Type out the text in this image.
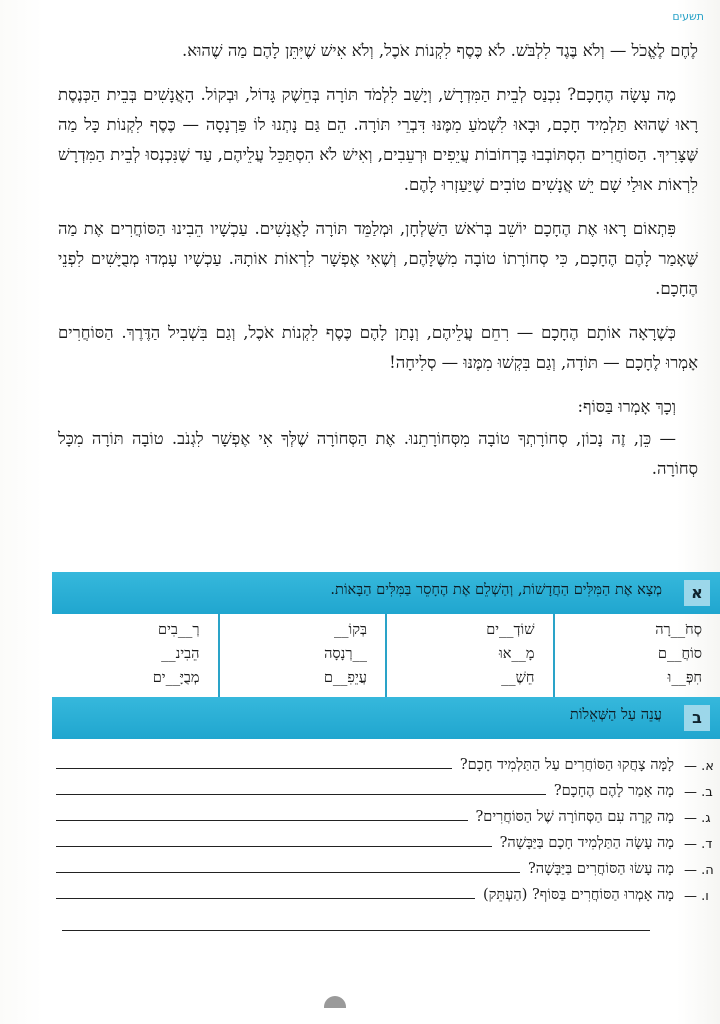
תשעים

לֶחֶם לֶאֱכֹל — וְלֹא בֶּגֶד לִלְבֹּשׁ. לֹא כֶּסֶף לִקְנוֹת אֹכֶל, וְלֹא אִישׁ שֶׁיִּתֵּן לָהֶם מַה שֶׁהוּא.

מֶה עָשָׂה הֶחָכָם? נִכְנַס לְבֵית הַמִּדְרָשׁ, וְיָשַׁב לִלְמֹד תּוֹרָה בְּחֵשֶׁק גָּדוֹל, וּבְקוֹל. הָאֲנָשִׁים בְּבֵית הַכְּנֶסֶת רָאוּ שֶׁהוּא תַּלְמִיד חָכָם, וּבָאוּ לִשְׁמֹעַ מִמֶּנּוּ דִּבְרֵי תּוֹרָה. הֵם גַּם נָתְנוּ לוֹ פַּרְנָסָה — כֶּסֶף לִקְנוֹת כָּל מַה שֶּׁצָּרִיךְ. הַסּוֹחֲרִים הִסְתּוֹבְבוּ בָּרְחוֹבוֹת עֲיֵפִים וּרְעֵבִים, וְאִישׁ לֹא הִסְתַּכֵּל עֲלֵיהֶם, עַד שֶׁנִּכְנְסוּ לְבֵית הַמִּדְרָשׁ לִרְאוֹת אוּלַי שָׁם יֵשׁ אֲנָשִׁים טוֹבִים שֶׁיַּעַזְרוּ לָהֶם.

פִּתְאוֹם רָאוּ אֶת הֶחָכָם יוֹשֵׁב בְּרֹאשׁ הַשֻּׁלְחָן, וּמְלַמֵּד תּוֹרָה לָאֲנָשִׁים. עַכְשָׁיו הֵבִינוּ הַסּוֹחֲרִים אֶת מַה שֶּׁאָמַר לָהֶם הֶחָכָם, כִּי סְחוֹרָתוֹ טוֹבָה מִשֶּׁלָּהֶם, וְשֶׁאִי אֶפְשָׁר לִרְאוֹת אוֹתָהּ. עַכְשָׁיו עָמְדוּ מְבֻיָּשִׁים לִפְנֵי הֶחָכָם.

כְּשֶׁרָאָה אוֹתָם הֶחָכָם — רִחֵם עֲלֵיהֶם, וְנָתַן לָהֶם כֶּסֶף לִקְנוֹת אֹכֶל, וְגַם בִּשְׁבִיל הַדֶּרֶךְ. הַסּוֹחֲרִים אָמְרוּ לֶחָכָם — תּוֹדָה, וְגַם בִּקְשׁוּ מִמֶּנּוּ — סְלִיחָה!

וְכָךְ אָמְרוּ בַּסּוֹף:

— כֵּן, זֶה נָכוֹן, סְחוֹרָתְךָ טוֹבָה מִסְּחוֹרָתֵנוּ. אֶת הַסְּחוֹרָה שֶׁלְּךָ אִי אֶפְשָׁר לִגְנֹב. טוֹבָה תּוֹרָה מִכָּל סְחוֹרָה.

א
מְצָא אֶת הַמִּלִּים הַחֲדָשׁוֹת, וְהַשְׁלֵם אֶת הֶחָסֵר בַּמִּלִּים הַבָּאוֹת.
סְחֹ__רָה
סוֹחֲ__ם
חִפְּ__וּ
שׁוֹדְ__ים
מָ__אוּ
חֵשֶׁ__
בְּקוֹ__
__רְנָסָה
עֲיֵפִ__ם
רְ__בִים
הֵבִינ__
מְבֻיָּ__ים
ב
עֲנֵה עַל הַשְּׁאֵלוֹת
א. —
לָמָּה צָחֲקוּ הַסּוֹחֲרִים עַל הַתַּלְמִיד חָכָם?
ב. —
מָה אָמַר לָהֶם הֶחָכָם?
ג. —
מָה קָרָה עִם הַסְּחוֹרָה שֶׁל הַסּוֹחֲרִים?
ד. —
מָה עָשָׂה הַתַּלְמִיד חָכָם בַּיַּבָּשָׁה?
ה. —
מָה עָשׂוּ הַסּוֹחֲרִים בַּיַּבָּשָׁה?
ו. —
מָה אָמְרוּ הַסּוֹחֲרִים בַּסּוֹף? (הַעְתֵּק)
